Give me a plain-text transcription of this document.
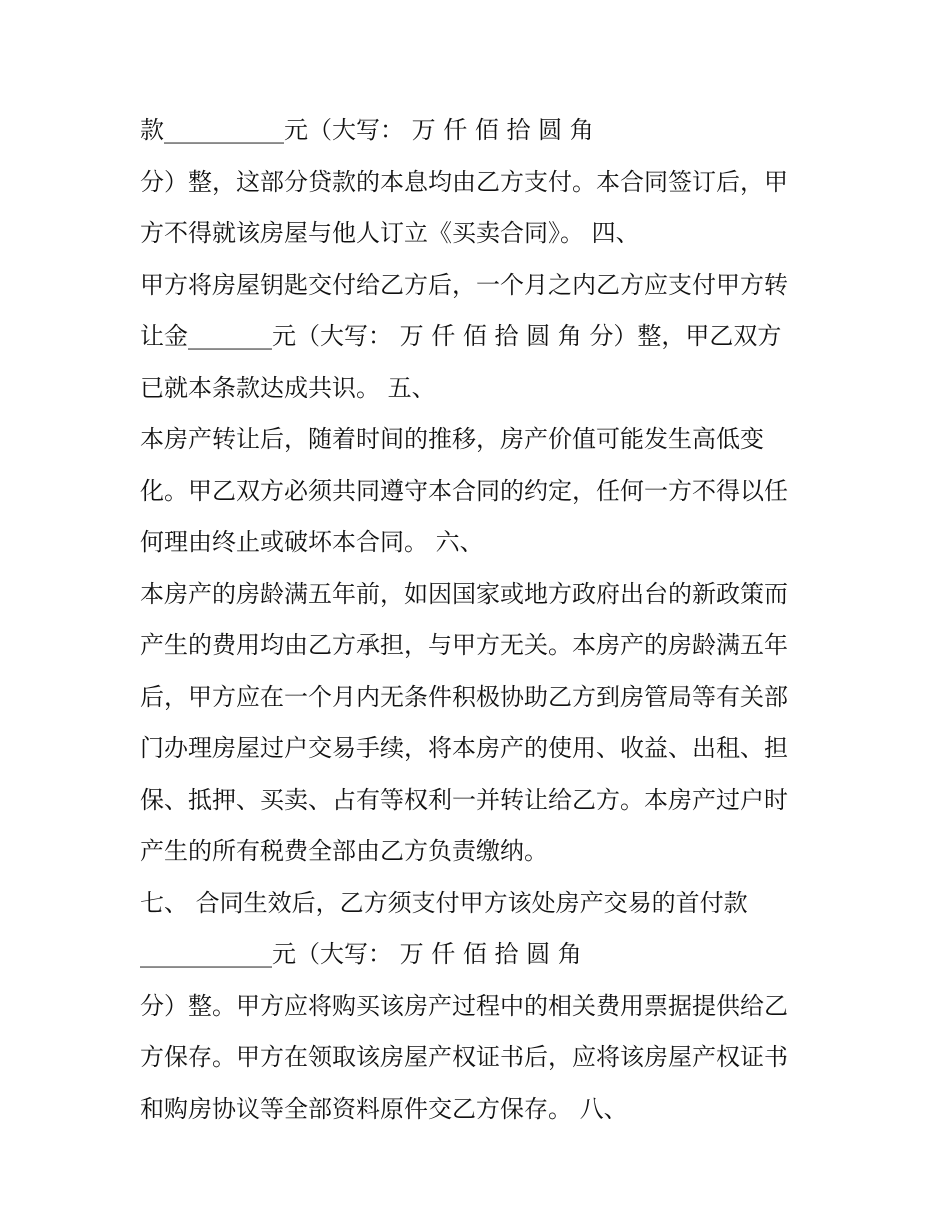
款__________元（大写： 万 仟 佰 拾 圆 角
分）整，这部分贷款的本息均由乙方支付。本合同签订后，甲
方不得就该房屋与他人订立《买卖合同》。 四、
甲方将房屋钥匙交付给乙方后，一个月之内乙方应支付甲方转
让金_______元（大写： 万 仟 佰 拾 圆 角 分）整，甲乙双方
已就本条款达成共识。 五、
本房产转让后，随着时间的推移，房产价值可能发生高低变
化。甲乙双方必须共同遵守本合同的约定，任何一方不得以任
何理由终止或破坏本合同。 六、
本房产的房龄满五年前，如因国家或地方政府出台的新政策而
产生的费用均由乙方承担，与甲方无关。本房产的房龄满五年
后，甲方应在一个月内无条件积极协助乙方到房管局等有关部
门办理房屋过户交易手续，将本房产的使用、收益、出租、担
保、抵押、买卖、占有等权利一并转让给乙方。本房产过户时
产生的所有税费全部由乙方负责缴纳。
七、 合同生效后，乙方须支付甲方该处房产交易的首付款
___________元（大写： 万 仟 佰 拾 圆 角
分）整。甲方应将购买该房产过程中的相关费用票据提供给乙
方保存。甲方在领取该房屋产权证书后，应将该房屋产权证书
和购房协议等全部资料原件交乙方保存。 八、
